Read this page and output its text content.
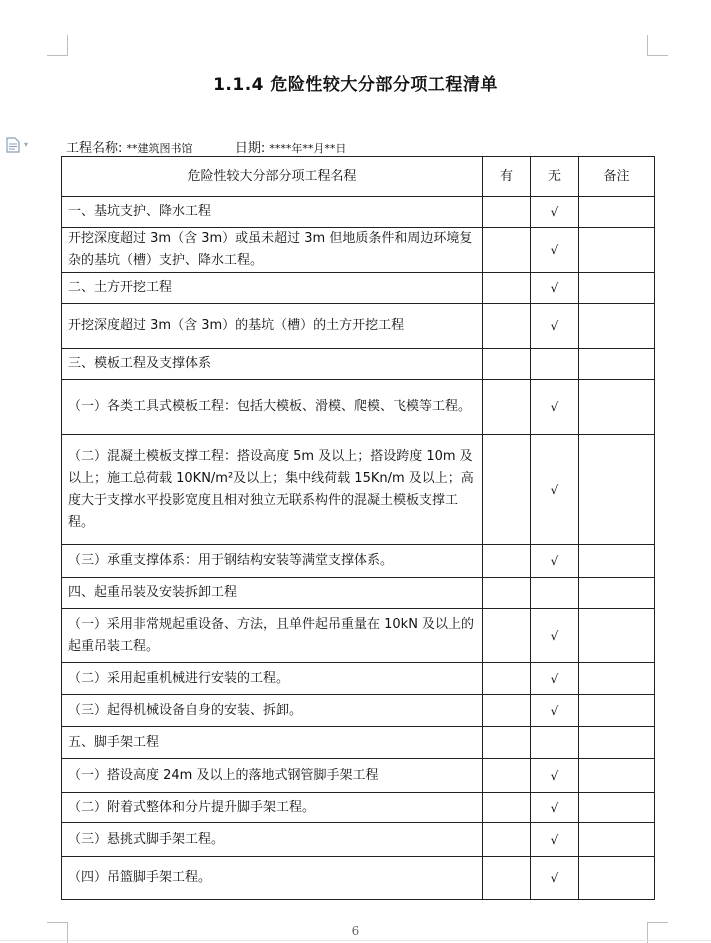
▾
1.1.4 危险性较大分部分项工程清单
工程名称: **建筑图书馆	日期: ****年**月**日
危险性较大分部分项工程名程	有	无	备注
一、基坑支护、降水工程		√	
开挖深度超过 3m（含 3m）或虽未超过 3m 但地质条件和周边环境复杂的基坑（槽）支护、降水工程。		√	
二、土方开挖工程		√	
开挖深度超过 3m（含 3m）的基坑（槽）的土方开挖工程		√	
三、模板工程及支撑体系			
（一）各类工具式模板工程：包括大模板、滑模、爬模、飞模等工程。		√	
（二）混凝土模板支撑工程：搭设高度 5m 及以上；搭设跨度 10m 及以上；施工总荷载 10KN/m²及以上；集中线荷载 15Kn/m 及以上；高度大于支撑水平投影宽度且相对独立无联系构件的混凝土模板支撑工程。		√	
（三）承重支撑体系：用于钢结构安装等满堂支撑体系。		√	
四、起重吊装及安装拆卸工程			
（一）采用非常规起重设备、方法，且单件起吊重量在 10kN 及以上的起重吊装工程。		√	
（二）采用起重机械进行安装的工程。		√	
（三）起得机械设备自身的安装、拆卸。		√	
五、脚手架工程			
（一）搭设高度 24m 及以上的落地式钢管脚手架工程		√	
（二）附着式整体和分片提升脚手架工程。		√	
（三）悬挑式脚手架工程。		√	
（四）吊篮脚手架工程。		√	
6
